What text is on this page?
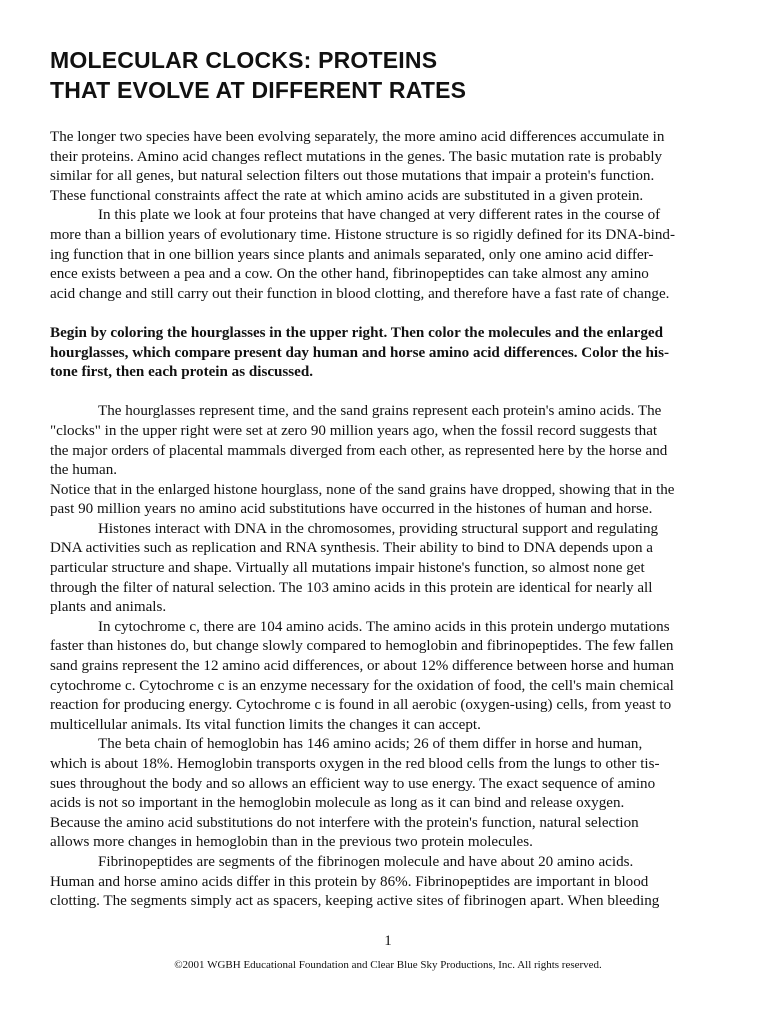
MOLECULAR CLOCKS: PROTEINS
THAT EVOLVE AT DIFFERENT RATES
The longer two species have been evolving separately, the more amino acid differences accumulate in
their proteins. Amino acid changes reflect mutations in the genes. The basic mutation rate is probably
similar for all genes, but natural selection filters out those mutations that impair a protein's function.
These functional constraints affect the rate at which amino acids are substituted in a given protein.
In this plate we look at four proteins that have changed at very different rates in the course of
more than a billion years of evolutionary time. Histone structure is so rigidly defined for its DNA-bind-
ing function that in one billion years since plants and animals separated, only one amino acid differ-
ence exists between a pea and a cow. On the other hand, fibrinopeptides can take almost any amino
acid change and still carry out their function in blood clotting, and therefore have a fast rate of change.
Begin by coloring the hourglasses in the upper right. Then color the molecules and the enlarged
hourglasses, which compare present day human and horse amino acid differences. Color the his-
tone first, then each protein as discussed.
The hourglasses represent time, and the sand grains represent each protein's amino acids. The
"clocks" in the upper right were set at zero 90 million years ago, when the fossil record suggests that
the major orders of placental mammals diverged from each other, as represented here by the horse and
the human.
Notice that in the enlarged histone hourglass, none of the sand grains have dropped, showing that in the
past 90 million years no amino acid substitutions have occurred in the histones of human and horse.
Histones interact with DNA in the chromosomes, providing structural support and regulating
DNA activities such as replication and RNA synthesis. Their ability to bind to DNA depends upon a
particular structure and shape. Virtually all mutations impair histone's function, so almost none get
through the filter of natural selection. The 103 amino acids in this protein are identical for nearly all
plants and animals.
In cytochrome c, there are 104 amino acids. The amino acids in this protein undergo mutations
faster than histones do, but change slowly compared to hemoglobin and fibrinopeptides. The few fallen
sand grains represent the 12 amino acid differences, or about 12% difference between horse and human
cytochrome c. Cytochrome c is an enzyme necessary for the oxidation of food, the cell's main chemical
reaction for producing energy. Cytochrome c is found in all aerobic (oxygen-using) cells, from yeast to
multicellular animals. Its vital function limits the changes it can accept.
The beta chain of hemoglobin has 146 amino acids; 26 of them differ in horse and human,
which is about 18%. Hemoglobin transports oxygen in the red blood cells from the lungs to other tis-
sues throughout the body and so allows an efficient way to use energy. The exact sequence of amino
acids is not so important in the hemoglobin molecule as long as it can bind and release oxygen.
Because the amino acid substitutions do not interfere with the protein's function, natural selection
allows more changes in hemoglobin than in the previous two protein molecules.
Fibrinopeptides are segments of the fibrinogen molecule and have about 20 amino acids.
Human and horse amino acids differ in this protein by 86%. Fibrinopeptides are important in blood
clotting. The segments simply act as spacers, keeping active sites of fibrinogen apart. When bleeding
1
©2001 WGBH Educational Foundation and Clear Blue Sky Productions, Inc. All rights reserved.
